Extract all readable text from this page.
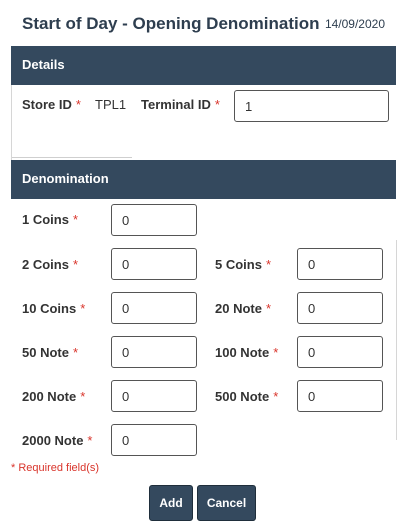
Start of Day - Opening Denomination 14/09/2020
Details
Store ID * TPL1 Terminal ID *
1
Denomination
1 Coins *
0
2 Coins *
0	5 Coins *
0
10 Coins *
0	20 Note *
0
50 Note *
0	100 Note *
0
200 Note *
0	500 Note *
0
2000 Note *
0
* Required field(s)
Add	Cancel
